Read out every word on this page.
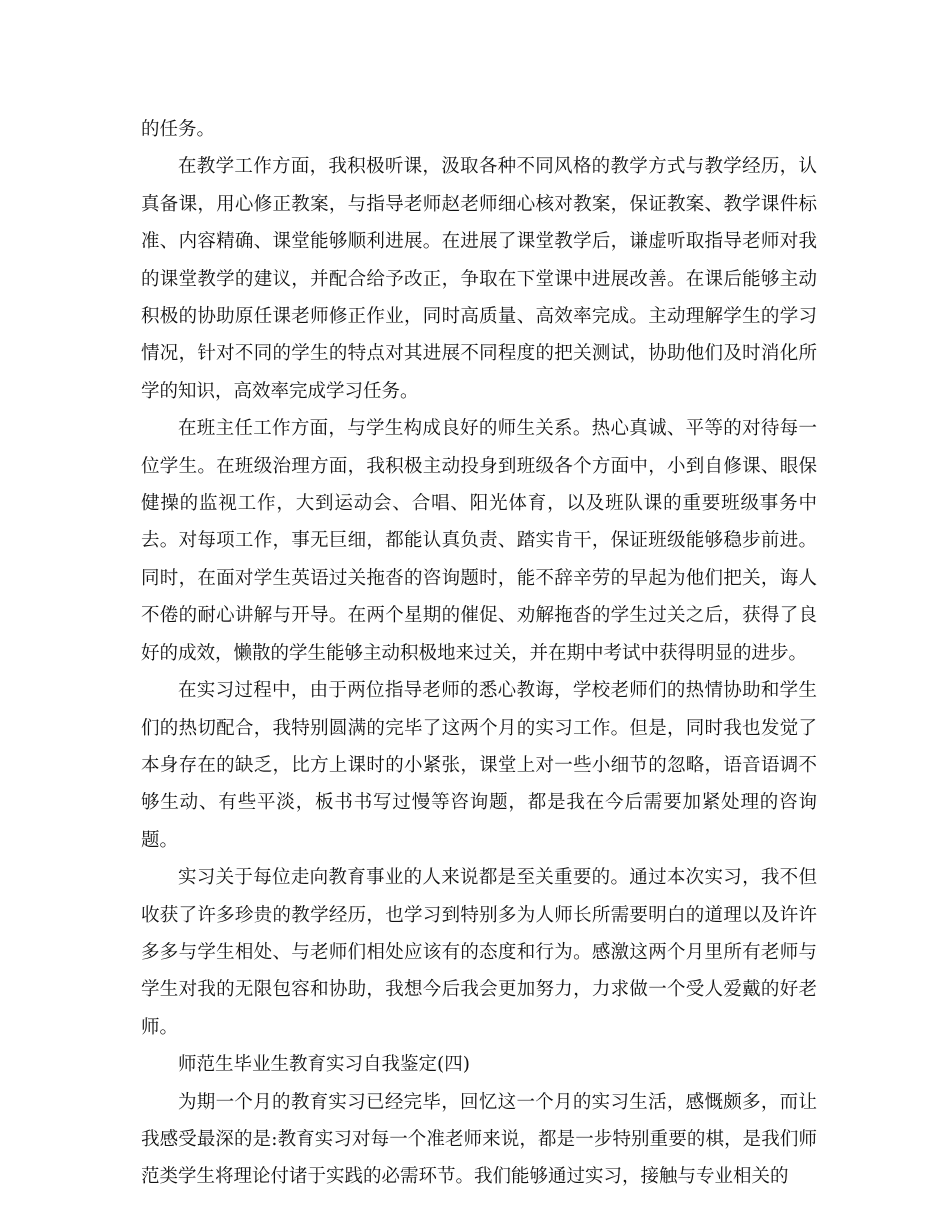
的任务。

在教学工作方面，我积极听课，汲取各种不同风格的教学方式与教学经历，认真备课，用心修正教案，与指导老师赵老师细心核对教案，保证教案、教学课件标准、内容精确、课堂能够顺利进展。在进展了课堂教学后，谦虚听取指导老师对我的课堂教学的建议，并配合给予改正，争取在下堂课中进展改善。在课后能够主动积极的协助原任课老师修正作业，同时高质量、高效率完成。主动理解学生的学习情况，针对不同的学生的特点对其进展不同程度的把关测试，协助他们及时消化所学的知识，高效率完成学习任务。

在班主任工作方面，与学生构成良好的师生关系。热心真诚、平等的对待每一位学生。在班级治理方面，我积极主动投身到班级各个方面中，小到自修课、眼保健操的监视工作，大到运动会、合唱、阳光体育，以及班队课的重要班级事务中去。对每项工作，事无巨细，都能认真负责、踏实肯干，保证班级能够稳步前进。同时，在面对学生英语过关拖沓的咨询题时，能不辞辛劳的早起为他们把关，诲人不倦的耐心讲解与开导。在两个星期的催促、劝解拖沓的学生过关之后，获得了良好的成效，懒散的学生能够主动积极地来过关，并在期中考试中获得明显的进步。

在实习过程中，由于两位指导老师的悉心教诲，学校老师们的热情协助和学生们的热切配合，我特别圆满的完毕了这两个月的实习工作。但是，同时我也发觉了本身存在的缺乏，比方上课时的小紧张，课堂上对一些小细节的忽略，语音语调不够生动、有些平淡，板书书写过慢等咨询题，都是我在今后需要加紧处理的咨询题。

实习关于每位走向教育事业的人来说都是至关重要的。通过本次实习，我不但收获了许多珍贵的教学经历，也学习到特别多为人师长所需要明白的道理以及许许多多与学生相处、与老师们相处应该有的态度和行为。感激这两个月里所有老师与学生对我的无限包容和协助，我想今后我会更加努力，力求做一个受人爱戴的好老师。

师范生毕业生教育实习自我鉴定(四)

为期一个月的教育实习已经完毕，回忆这一个月的实习生活，感慨颇多，而让我感受最深的是:教育实习对每一个准老师来说，都是一步特别重要的棋，是我们师范类学生将理论付诸于实践的必需环节。我们能够通过实习，接触与专业相关的
